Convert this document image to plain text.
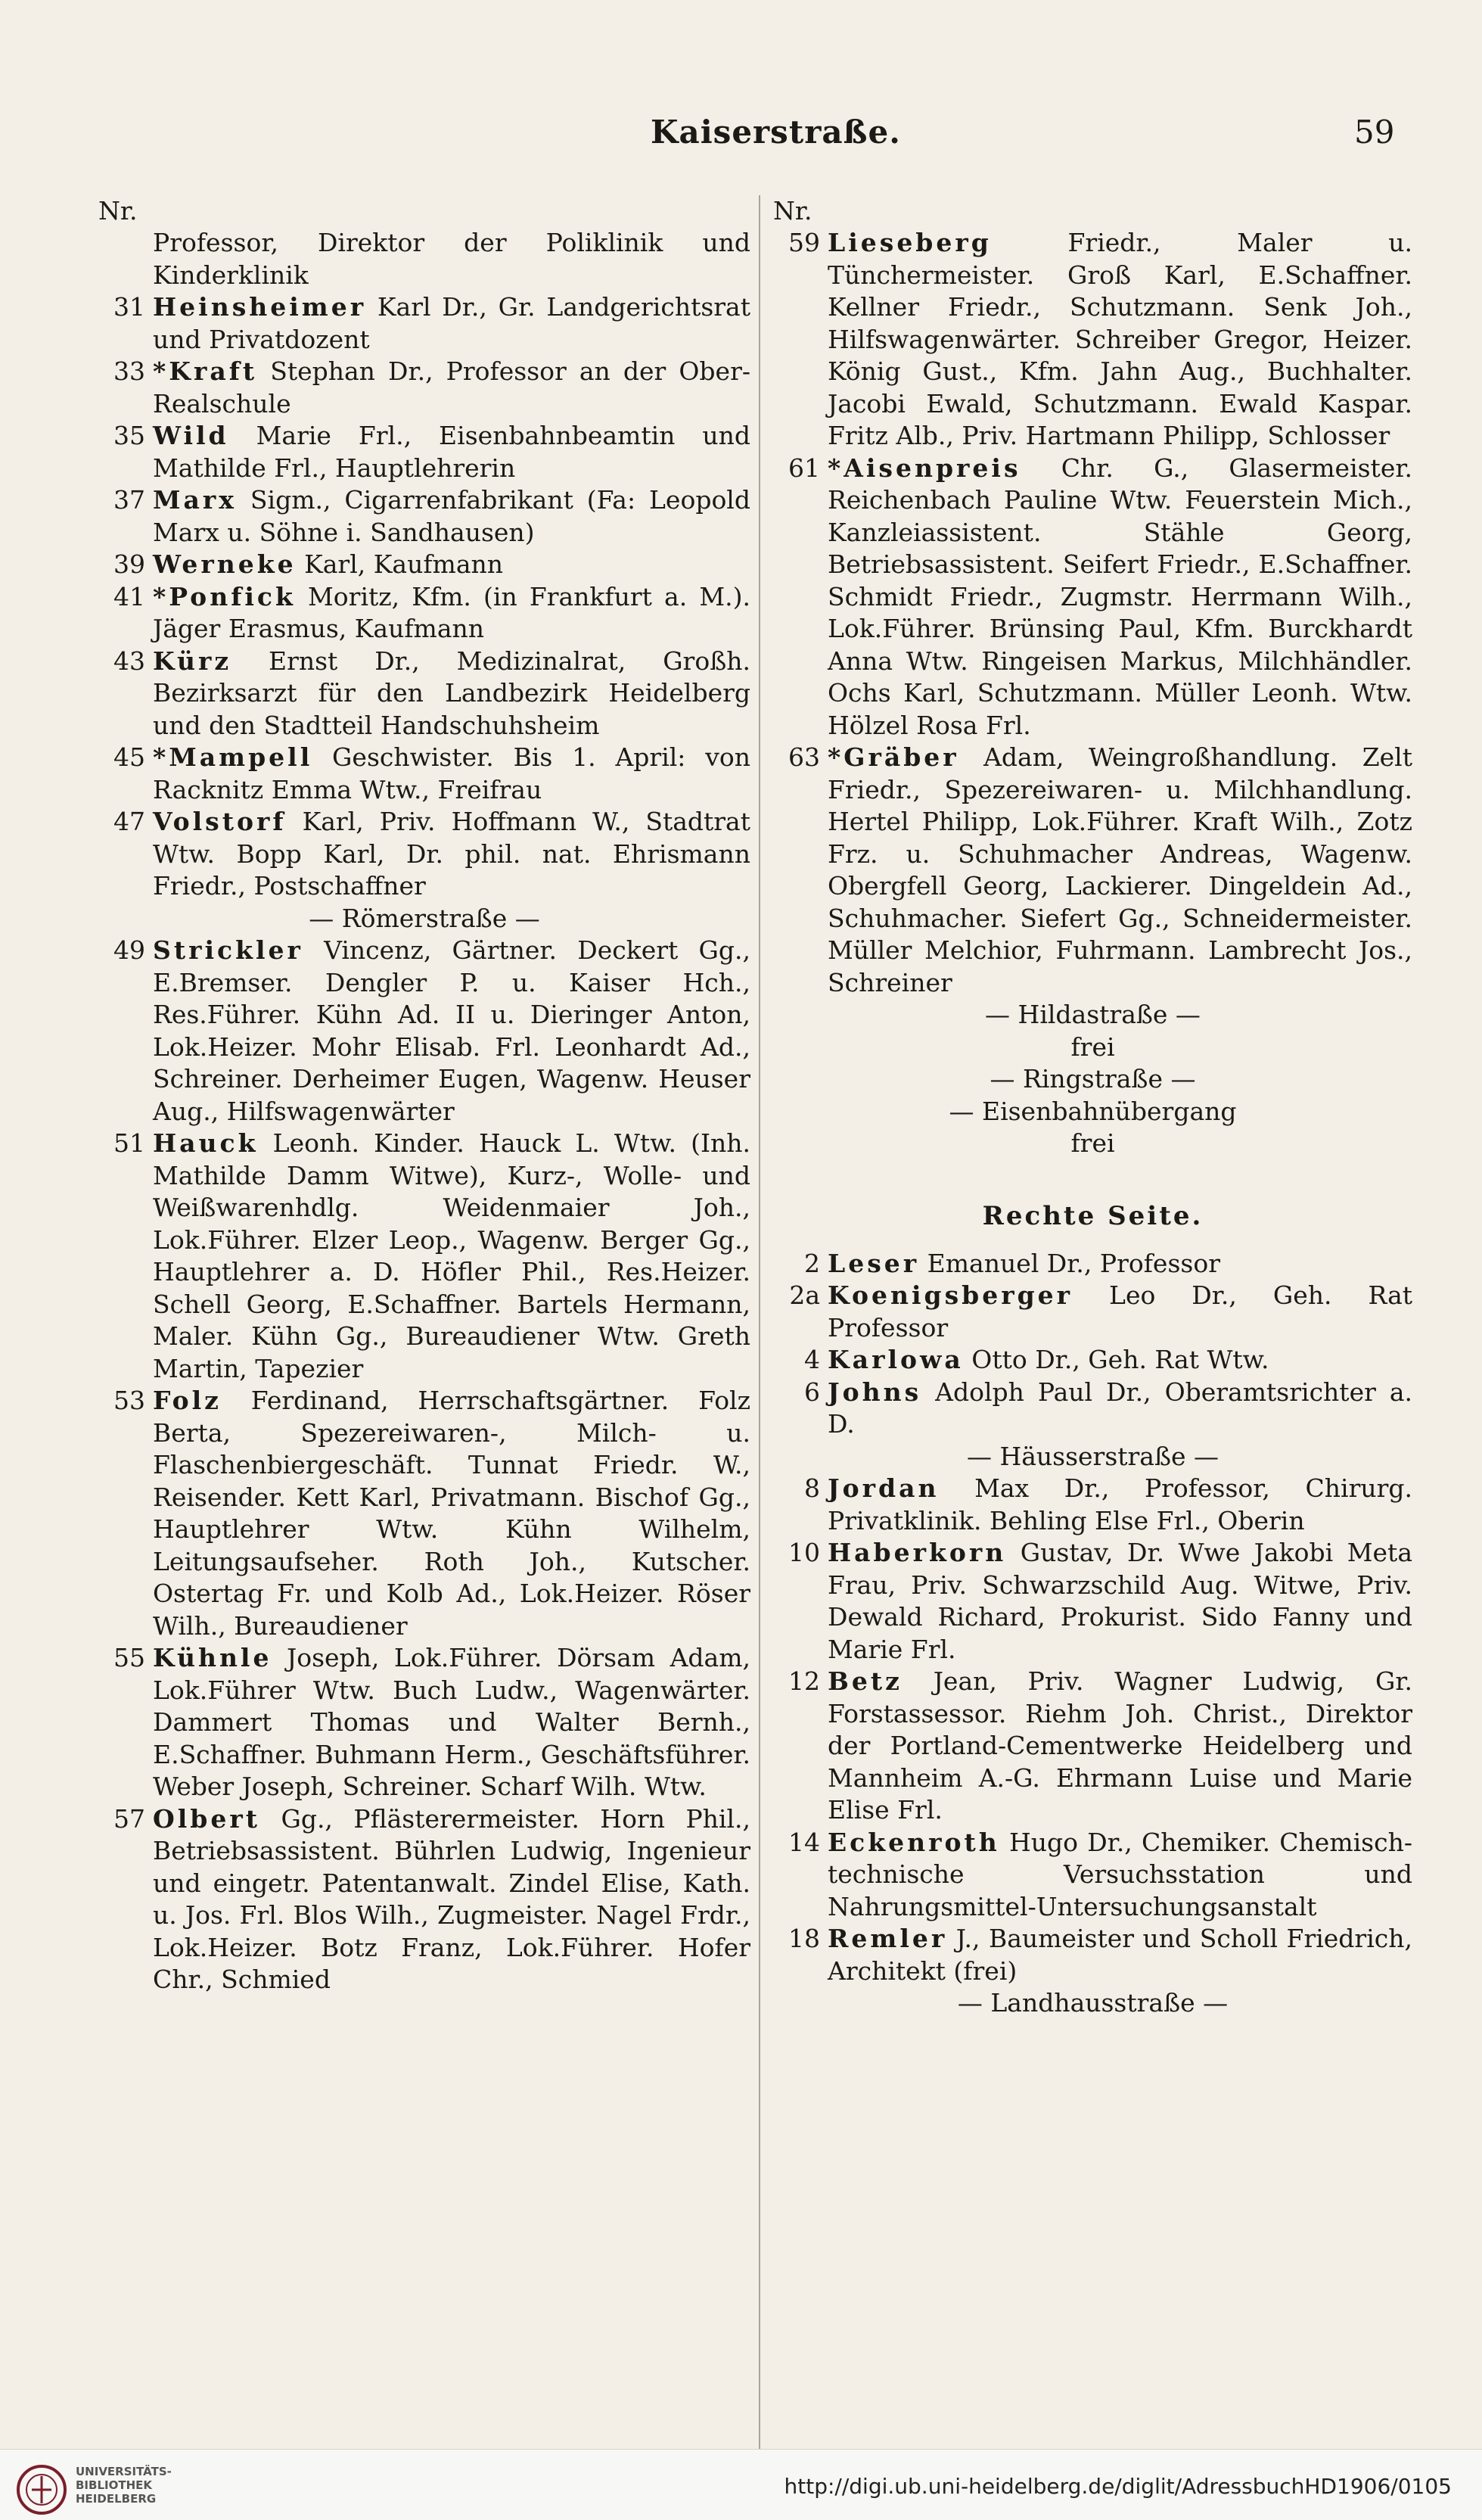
Kaiserstraße.	59
Nr.
Professor, Direktor der Poliklinik und Kinderklinik
31 Heinsheimer Karl Dr., Gr. Landgerichtsrat und Privatdozent
33 *Kraft Stephan Dr., Professor an der Ober-Realschule
35 Wild Marie Frl., Eisenbahnbeamtin und Mathilde Frl., Hauptlehrerin
37 Marx Sigm., Cigarrenfabrikant (Fa: Leopold Marx u. Söhne i. Sandhausen)
39 Werneke Karl, Kaufmann
41 *Ponfick Moritz, Kfm. (in Frankfurt a. M.). Jäger Erasmus, Kaufmann
43 Kürz Ernst Dr., Medizinalrat, Großh. Bezirksarzt für den Landbezirk Heidelberg und den Stadtteil Handschuhsheim
45 *Mampell Geschwister. Bis 1. April: von Racknitz Emma Wtw., Freifrau
47 Volstorf Karl, Priv. Hoffmann W., Stadtrat Wtw. Bopp Karl, Dr. phil. nat. Ehrismann Friedr., Postschaffner
— Römerstraße —
49 Strickler Vincenz, Gärtner. Deckert Gg., E.Bremser. Dengler P. u. Kaiser Hch., Res.Führer. Kühn Ad. II u. Dieringer Anton, Lok.Heizer. Mohr Elisab. Frl. Leonhardt Ad., Schreiner. Derheimer Eugen, Wagenw. Heuser Aug., Hilfswagenwärter
51 Hauck Leonh. Kinder. Hauck L. Wtw. (Inh. Mathilde Damm Witwe), Kurz-, Wolle- und Weißwarenhdlg. Weidenmaier Joh., Lok.Führer. Elzer Leop., Wagenw. Berger Gg., Hauptlehrer a. D. Höfler Phil., Res.Heizer. Schell Georg, E.Schaffner. Bartels Hermann, Maler. Kühn Gg., Bureaudiener Wtw. Greth Martin, Tapezier
53 Folz Ferdinand, Herrschaftsgärtner. Folz Berta, Spezereiwaren-, Milch- u. Flaschenbiergeschäft. Tunnat Friedr. W., Reisender. Kett Karl, Privatmann. Bischof Gg., Hauptlehrer Wtw. Kühn Wilhelm, Leitungsaufseher. Roth Joh., Kutscher. Ostertag Fr. und Kolb Ad., Lok.Heizer. Röser Wilh., Bureaudiener
55 Kühnle Joseph, Lok.Führer. Dörsam Adam, Lok.Führer Wtw. Buch Ludw., Wagenwärter. Dammert Thomas und Walter Bernh., E.Schaffner. Buhmann Herm., Geschäftsführer. Weber Joseph, Schreiner. Scharf Wilh. Wtw.
57 Olbert Gg., Pflästerermeister. Horn Phil., Betriebsassistent. Bührlen Ludwig, Ingenieur und eingetr. Patentanwalt. Zindel Elise, Kath. u. Jos. Frl. Blos Wilh., Zugmeister. Nagel Frdr., Lok.Heizer. Botz Franz, Lok.Führer. Hofer Chr., Schmied
Nr.
59 Lieseberg Friedr., Maler u. Tünchermeister. Groß Karl, E.Schaffner. Kellner Friedr., Schutzmann. Senk Joh., Hilfswagenwärter. Schreiber Gregor, Heizer. König Gust., Kfm. Jahn Aug., Buchhalter. Jacobi Ewald, Schutzmann. Ewald Kaspar. Fritz Alb., Priv. Hartmann Philipp, Schlosser
61 *Aisenpreis Chr. G., Glasermeister. Reichenbach Pauline Wtw. Feuerstein Mich., Kanzleiassistent. Stähle Georg, Betriebsassistent. Seifert Friedr., E.Schaffner. Schmidt Friedr., Zugmstr. Herrmann Wilh., Lok.Führer. Brünsing Paul, Kfm. Burckhardt Anna Wtw. Ringeisen Markus, Milchhändler. Ochs Karl, Schutzmann. Müller Leonh. Wtw. Hölzel Rosa Frl.
63 *Gräber Adam, Weingroßhandlung. Zelt Friedr., Spezereiwaren- u. Milchhandlung. Hertel Philipp, Lok.Führer. Kraft Wilh., Zotz Frz. u. Schuhmacher Andreas, Wagenw. Obergfell Georg, Lackierer. Dingeldein Ad., Schuhmacher. Siefert Gg., Schneidermeister. Müller Melchior, Fuhrmann. Lambrecht Jos., Schreiner
— Hildastraße —
frei
— Ringstraße —
— Eisenbahnübergang
frei
Rechte Seite.
2 Leser Emanuel Dr., Professor
2a Koenigsberger Leo Dr., Geh. Rat Professor
4 Karlowa Otto Dr., Geh. Rat Wtw.
6 Johns Adolph Paul Dr., Oberamtsrichter a. D.
— Häusserstraße —
8 Jordan Max Dr., Professor, Chirurg. Privatklinik. Behling Else Frl., Oberin
10 Haberkorn Gustav, Dr. Wwe Jakobi Meta Frau, Priv. Schwarzschild Aug. Witwe, Priv. Dewald Richard, Prokurist. Sido Fanny und Marie Frl.
12 Betz Jean, Priv. Wagner Ludwig, Gr. Forstassessor. Riehm Joh. Christ., Direktor der Portland-Cementwerke Heidelberg und Mannheim A.-G. Ehrmann Luise und Marie Elise Frl.
14 Eckenroth Hugo Dr., Chemiker. Chemisch-technische Versuchsstation und Nahrungsmittel-Untersuchungsanstalt
18 Remler J., Baumeister und Scholl Friedrich, Architekt (frei)
— Landhausstraße —
UNIVERSITÄTS-
BIBLIOTHEK
HEIDELBERG	http://digi.ub.uni-heidelberg.de/diglit/AdressbuchHD1906/0105
